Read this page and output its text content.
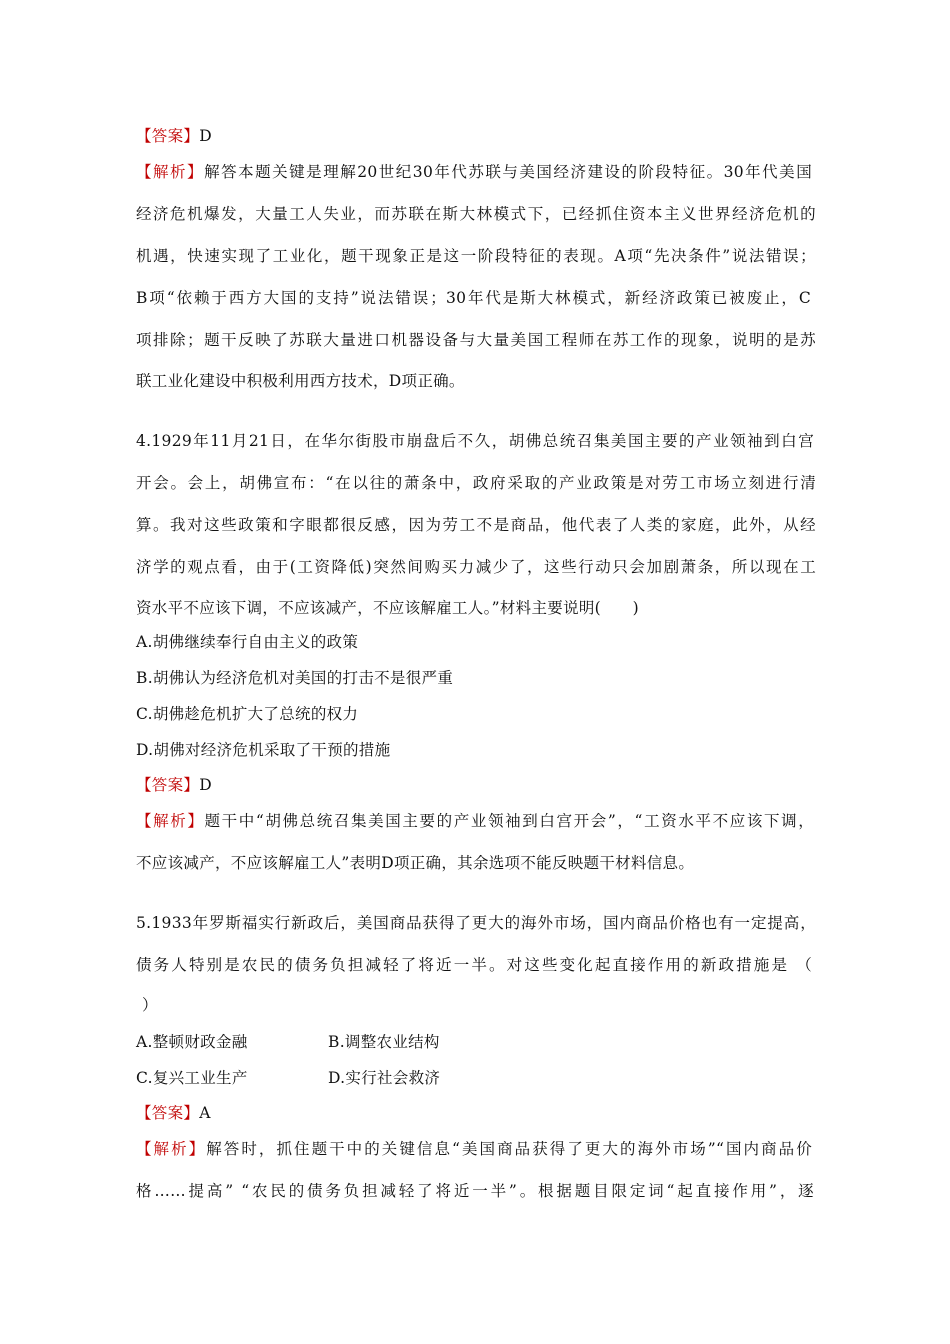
【答案】D
【解析】解答本题关键是理解20世纪30年代苏联与美国经济建设的阶段特征。30年代美国
经济危机爆发，大量工人失业，而苏联在斯大林模式下，已经抓住资本主义世界经济危机的
机遇，快速实现了工业化，题干现象正是这一阶段特征的表现。A项“先决条件”说法错误；
B项“依赖于西方大国的支持”说法错误；30年代是斯大林模式，新经济政策已被废止，C
项排除；题干反映了苏联大量进口机器设备与大量美国工程师在苏工作的现象，说明的是苏
联工业化建设中积极利用西方技术，D项正确。
4.1929年11月21日，在华尔街股市崩盘后不久，胡佛总统召集美国主要的产业领袖到白宫
开会。会上，胡佛宣布：“在以往的萧条中，政府采取的产业政策是对劳工市场立刻进行清
算。我对这些政策和字眼都很反感，因为劳工不是商品，他代表了人类的家庭，此外，从经
济学的观点看，由于(工资降低)突然间购买力减少了，这些行动只会加剧萧条，所以现在工
资水平不应该下调，不应该减产，不应该解雇工人。”材料主要说明(　　)
A.胡佛继续奉行自由主义的政策
B.胡佛认为经济危机对美国的打击不是很严重
C.胡佛趁危机扩大了总统的权力
D.胡佛对经济危机采取了干预的措施
【答案】D
【解析】题干中“胡佛总统召集美国主要的产业领袖到白宫开会”，“工资水平不应该下调，
不应该减产，不应该解雇工人”表明D项正确，其余选项不能反映题干材料信息。
5.1933年罗斯福实行新政后，美国商品获得了更大的海外市场，国内商品价格也有一定提高，
债务人特别是农民的债务负担减轻了将近一半。对这些变化起直接作用的新政措施是 （
）
A.整顿财政金融	B.调整农业结构
C.复兴工业生产	D.实行社会救济
【答案】A
【解析】解答时，抓住题干中的关键信息“美国商品获得了更大的海外市场”“国内商品价
格……提高” “农民的债务负担减轻了将近一半”。根据题目限定词“起直接作用”，逐
